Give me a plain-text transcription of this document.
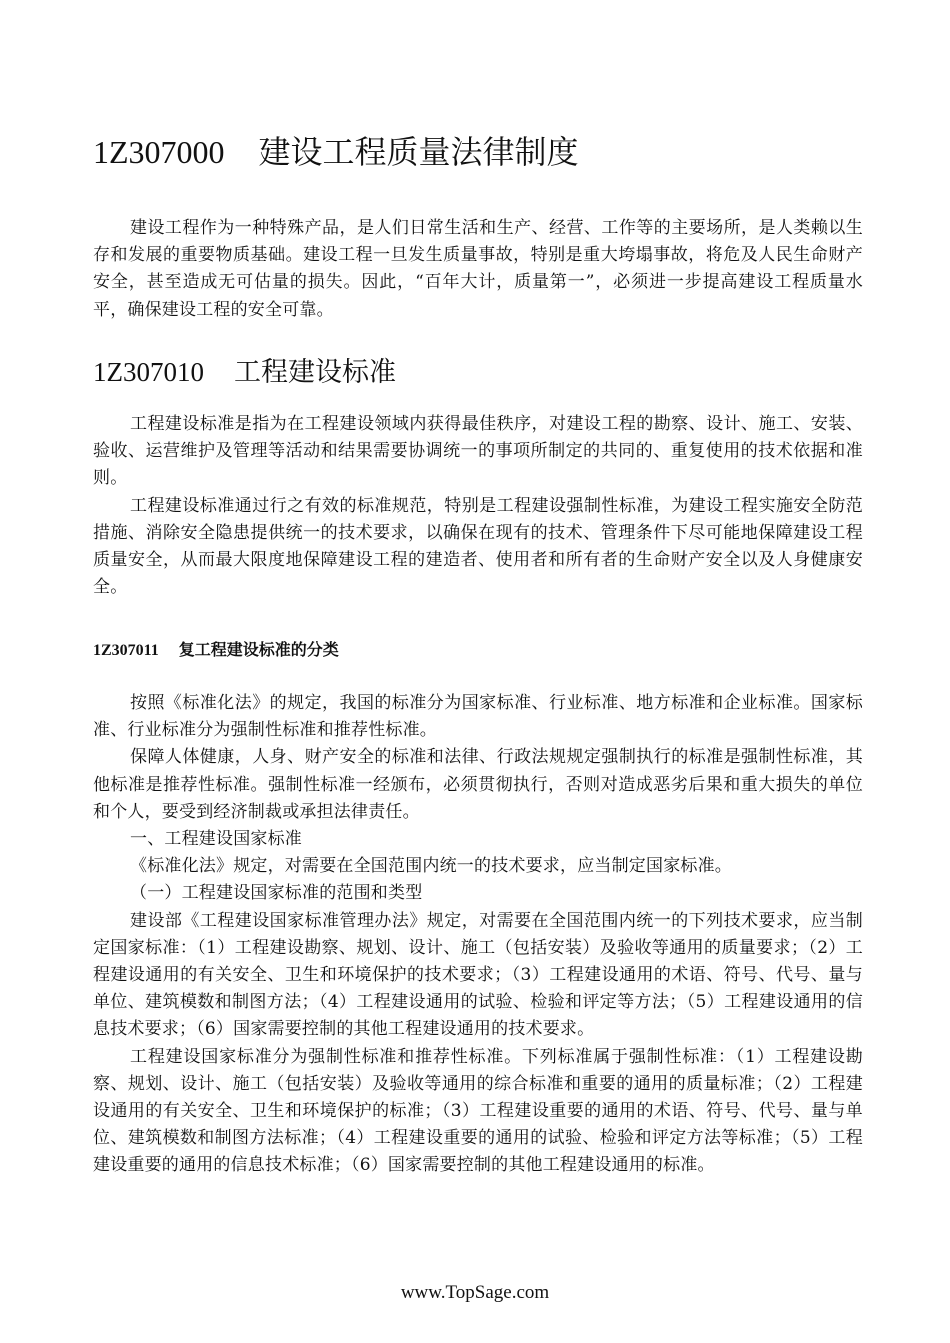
1Z307000 建设工程质量法律制度

建设工程作为一种特殊产品，是人们日常生活和生产、经营、工作等的主要场所，是人类赖以生存和发展的重要物质基础。建设工程一旦发生质量事故，特别是重大垮塌事故，将危及人民生命财产安全，甚至造成无可估量的损失。因此，“百年大计，质量第一”，必须进一步提高建设工程质量水平，确保建设工程的安全可靠。

1Z307010 工程建设标准

工程建设标准是指为在工程建设领域内获得最佳秩序，对建设工程的勘察、设计、施工、安装、验收、运营维护及管理等活动和结果需要协调统一的事项所制定的共同的、重复使用的技术依据和准则。

工程建设标准通过行之有效的标准规范，特别是工程建设强制性标准，为建设工程实施安全防范措施、消除安全隐患提供统一的技术要求，以确保在现有的技术、管理条件下尽可能地保障建设工程质量安全，从而最大限度地保障建设工程的建造者、使用者和所有者的生命财产安全以及人身健康安全。

1Z307011 复工程建设标准的分类

按照《标准化法》的规定，我国的标准分为国家标准、行业标准、地方标准和企业标准。国家标准、行业标准分为强制性标准和推荐性标准。

保障人体健康，人身、财产安全的标准和法律、行政法规规定强制执行的标准是强制性标准，其他标准是推荐性标准。强制性标准一经颁布，必须贯彻执行，否则对造成恶劣后果和重大损失的单位和个人，要受到经济制裁或承担法律责任。

一、工程建设国家标准

《标准化法》规定，对需要在全国范围内统一的技术要求，应当制定国家标准。

（一）工程建设国家标准的范围和类型

建设部《工程建设国家标准管理办法》规定，对需要在全国范围内统一的下列技术要求，应当制定国家标准：（1）工程建设勘察、规划、设计、施工（包括安装）及验收等通用的质量要求；（2）工程建设通用的有关安全、卫生和环境保护的技术要求；（3）工程建设通用的术语、符号、代号、量与单位、建筑模数和制图方法；（4）工程建设通用的试验、检验和评定等方法；（5）工程建设通用的信息技术要求；（6）国家需要控制的其他工程建设通用的技术要求。

工程建设国家标准分为强制性标准和推荐性标准。下列标准属于强制性标准：（1）工程建设勘察、规划、设计、施工（包括安装）及验收等通用的综合标准和重要的通用的质量标准；（2）工程建设通用的有关安全、卫生和环境保护的标准；（3）工程建设重要的通用的术语、符号、代号、量与单位、建筑模数和制图方法标准；（4）工程建设重要的通用的试验、检验和评定方法等标准；（5）工程建设重要的通用的信息技术标准；（6）国家需要控制的其他工程建设通用的标准。

www.TopSage.com
